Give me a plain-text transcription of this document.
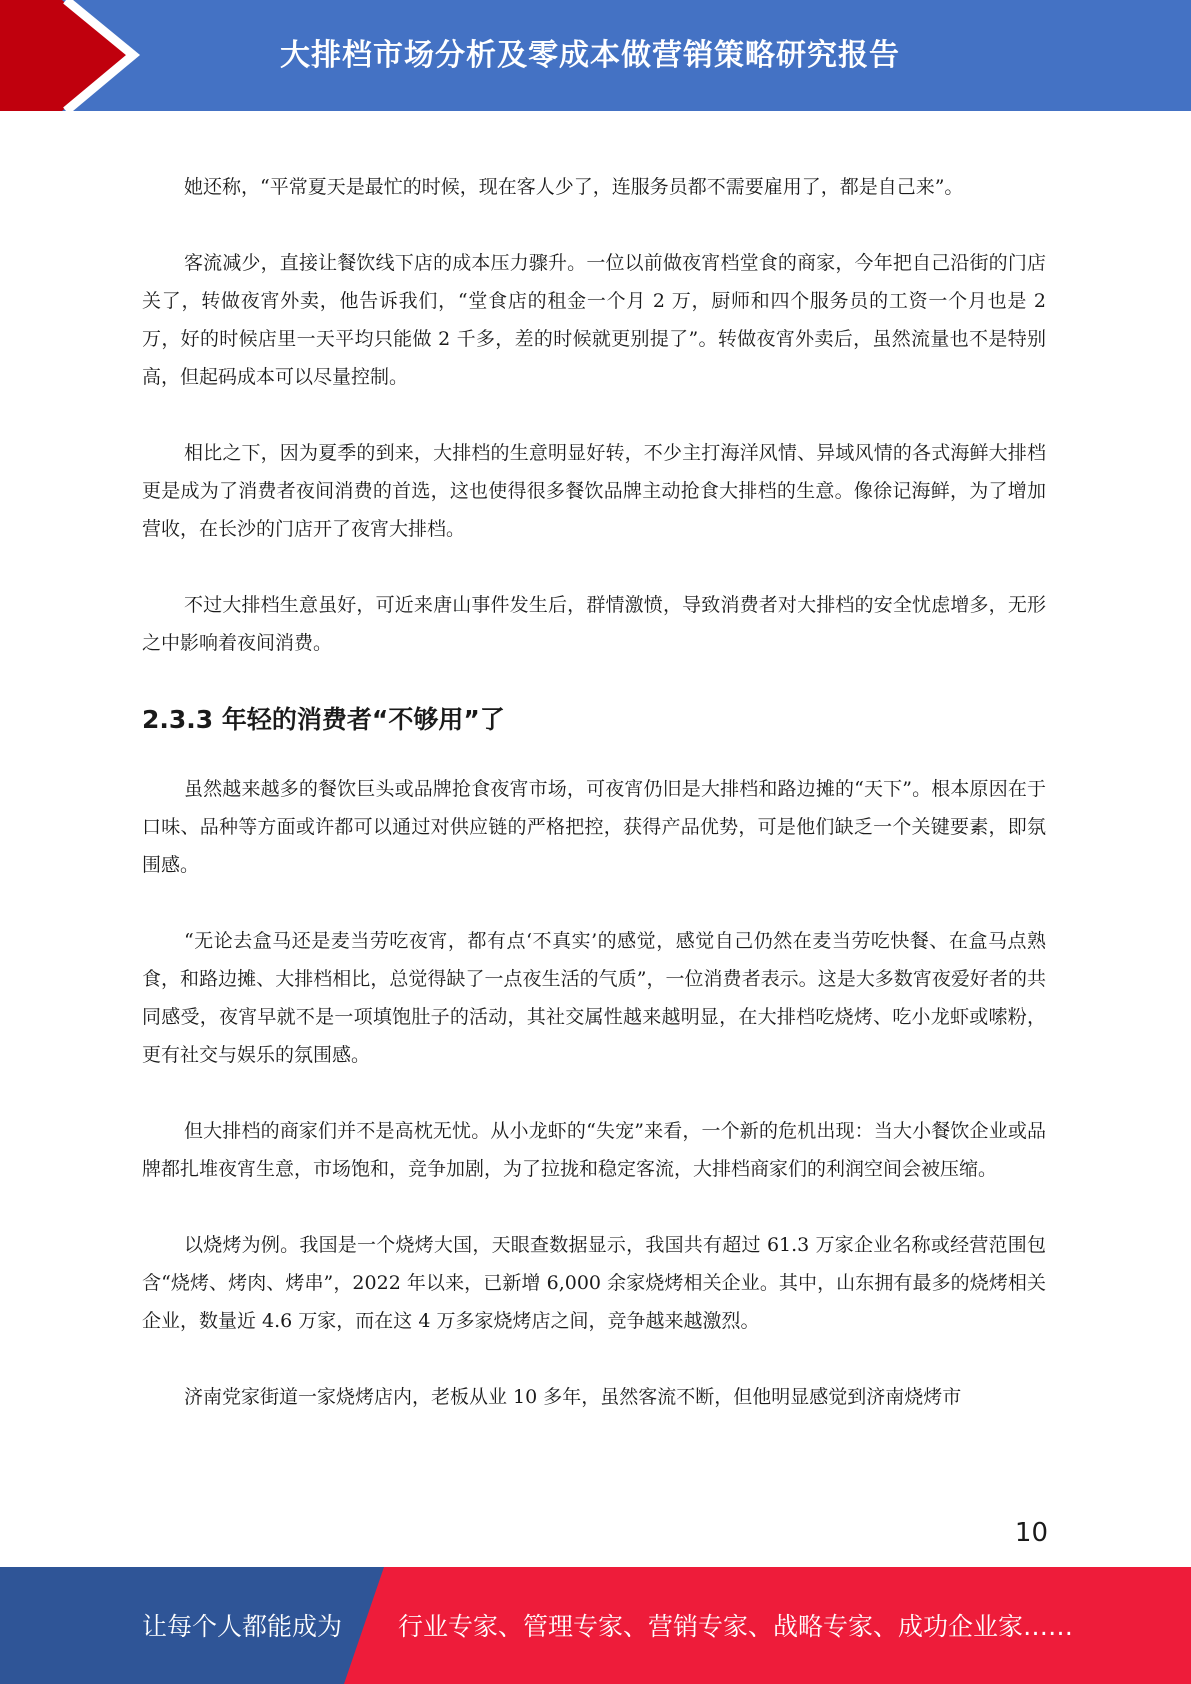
大排档市场分析及零成本做营销策略研究报告

她还称，“平常夏天是最忙的时候，现在客人少了，连服务员都不需要雇用了，都是自己来”。

客流减少，直接让餐饮线下店的成本压力骤升。一位以前做夜宵档堂食的商家，今年把自己沿街的门店关了，转做夜宵外卖，他告诉我们，“堂食店的租金一个月 2 万，厨师和四个服务员的工资一个月也是 2 万，好的时候店里一天平均只能做 2 千多，差的时候就更别提了”。转做夜宵外卖后，虽然流量也不是特别高，但起码成本可以尽量控制。

相比之下，因为夏季的到来，大排档的生意明显好转，不少主打海洋风情、异域风情的各式海鲜大排档更是成为了消费者夜间消费的首选，这也使得很多餐饮品牌主动抢食大排档的生意。像徐记海鲜，为了增加营收，在长沙的门店开了夜宵大排档。

不过大排档生意虽好，可近来唐山事件发生后，群情激愤，导致消费者对大排档的安全忧虑增多，无形之中影响着夜间消费。

2.3.3 年轻的消费者“不够用”了

虽然越来越多的餐饮巨头或品牌抢食夜宵市场，可夜宵仍旧是大排档和路边摊的“天下”。根本原因在于口味、品种等方面或许都可以通过对供应链的严格把控，获得产品优势，可是他们缺乏一个关键要素，即氛围感。

“无论去盒马还是麦当劳吃夜宵，都有点‘不真实’的感觉，感觉自己仍然在麦当劳吃快餐、在盒马点熟食，和路边摊、大排档相比，总觉得缺了一点夜生活的气质”，一位消费者表示。这是大多数宵夜爱好者的共同感受，夜宵早就不是一项填饱肚子的活动，其社交属性越来越明显，在大排档吃烧烤、吃小龙虾或嗦粉，更有社交与娱乐的氛围感。

但大排档的商家们并不是高枕无忧。从小龙虾的“失宠”来看，一个新的危机出现：当大小餐饮企业或品牌都扎堆夜宵生意，市场饱和，竞争加剧，为了拉拢和稳定客流，大排档商家们的利润空间会被压缩。

以烧烤为例。我国是一个烧烤大国，天眼查数据显示，我国共有超过 61.3 万家企业名称或经营范围包含“烧烤、烤肉、烤串”，2022 年以来，已新增 6,000 余家烧烤相关企业。其中，山东拥有最多的烧烤相关企业，数量近 4.6 万家，而在这 4 万多家烧烤店之间，竞争越来越激烈。

济南党家街道一家烧烤店内，老板从业 10 多年，虽然客流不断，但他明显感觉到济南烧烤市

10
让每个人都能成为 行业专家、管理专家、营销专家、战略专家、成功企业家……
